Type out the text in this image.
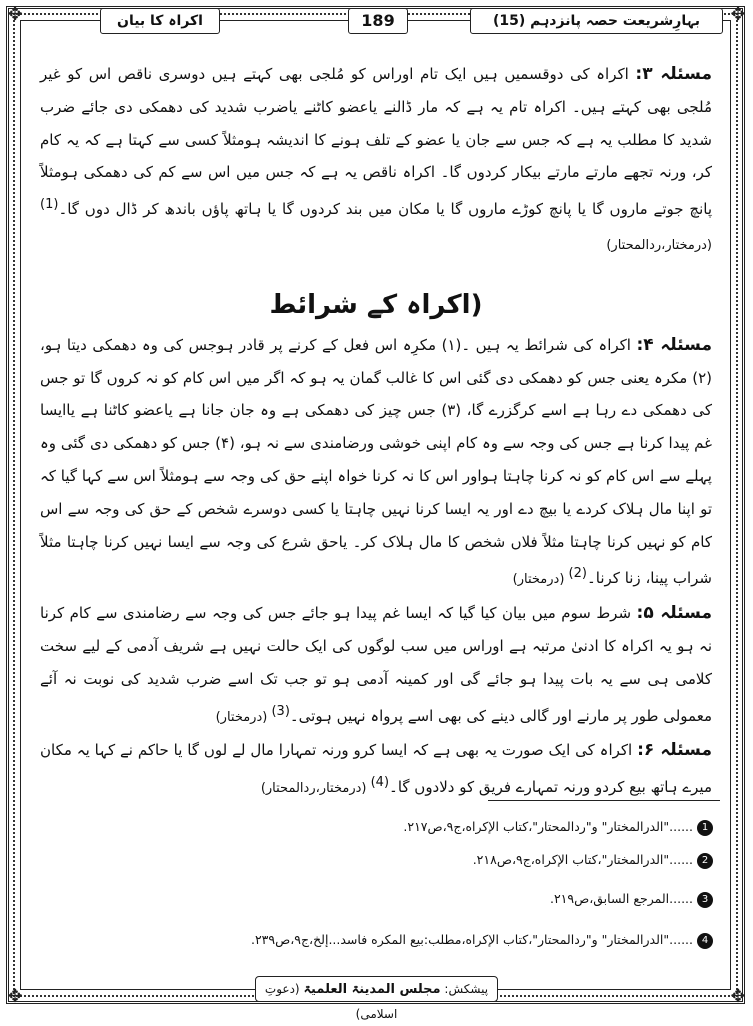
✥	✥
✥	✥
اکراہ کا بیان	189	بہارِشریعت حصہ پانزدہم (15)

مسئلہ ۳: اکراہ کی دوقسمیں ہیں ایک تام اوراس کو مُلجی بھی کہتے ہیں دوسری ناقص اس کو غیر مُلجی بھی کہتے ہیں۔ اکراہ تام یہ ہے کہ مار ڈالنے یاعضو کاٹنے یاضرب شدید کی دھمکی دی جائے ضرب شدید کا مطلب یہ ہے کہ جس سے جان یا عضو کے تلف ہونے کا اندیشہ ہومثلاً کسی سے کہتا ہے کہ یہ کام کر، ورنہ تجھے مارتے مارتے بیکار کردوں گا۔ اکراہ ناقص یہ ہے کہ جس میں اس سے کم کی دھمکی ہومثلاً پانچ جوتے ماروں گا یا پانچ کوڑے ماروں گا یا مکان میں بند کردوں گا یا ہاتھ پاؤں باندھ کر ڈال دوں گا۔$^{(1)}$ (درمختار،ردالمحتار)

(اکراہ کے شرائط

مسئلہ ۴: اکراہ کی شرائط یہ ہیں ۔(۱) مکرِہ اس فعل کے کرنے پر قادر ہوجس کی وہ دھمکی دیتا ہو، (۲) مکرہ یعنی جس کو دھمکی دی گئی اس کا غالب گمان یہ ہو کہ اگر میں اس کام کو نہ کروں گا تو جس کی دھمکی دے رہا ہے اسے کرگزرے گا، (۳) جس چیز کی دھمکی ہے وہ جان جانا ہے یاعضو کاٹنا ہے یاایسا غم پیدا کرنا ہے جس کی وجہ سے وہ کام اپنی خوشی ورضامندی سے نہ ہو، (۴) جس کو دھمکی دی گئی وہ پہلے سے اس کام کو نہ کرنا چاہتا ہواور اس کا نہ کرنا خواہ اپنے حق کی وجہ سے ہومثلاً اس سے کہا گیا کہ تو اپنا مال ہلاک کردے یا بیچ دے اور یہ ایسا کرنا نہیں چاہتا یا کسی دوسرے شخص کے حق کی وجہ سے اس کام کو نہیں کرنا چاہتا مثلاً فلاں شخص کا مال ہلاک کر۔ یاحق شرع کی وجہ سے ایسا نہیں کرنا چاہتا مثلاً شراب پینا، زنا کرنا۔$^{(2)}$ (درمختار)

مسئلہ ۵: شرط سوم میں بیان کیا گیا کہ ایسا غم پیدا ہو جائے جس کی وجہ سے رضامندی سے کام کرنا نہ ہو یہ اکراہ کا ادنیٰ مرتبہ ہے اوراس میں سب لوگوں کی ایک حالت نہیں ہے شریف آدمی کے لیے سخت کلامی ہی سے یہ بات پیدا ہو جائے گی اور کمینہ آدمی ہو تو جب تک اسے ضرب شدید کی نوبت نہ آئے معمولی طور پر مارنے اور گالی دینے کی بھی اسے پرواہ نہیں ہوتی۔$^{(3)}$ (درمختار)

مسئلہ ۶: اکراہ کی ایک صورت یہ بھی ہے کہ ایسا کرو ورنہ تمہارا مال لے لوں گا یا حاکم نے کہا یہ مکان میرے ہاتھ بیع کردو ورنہ تمہارے فریق کو دلادوں گا۔$^{(4)}$ (درمختار،ردالمحتار)

1......"الدرالمختار" و"ردالمحتار"،كتاب الإكراه،ج٩،ص٢١٧.
2......"الدرالمختار"،كتاب الإكراه،ج٩،ص٢١٨.
3......المرجع السابق،ص٢١٩.
4......"الدرالمختار" و"ردالمحتار"،كتاب الإكراه،مطلب:بيع المكره فاسد...إلخ،ج٩،ص٢٣٩.
پیشکش: مجلس المدینۃ العلمیۃ (دعوتِ اسلامی)
